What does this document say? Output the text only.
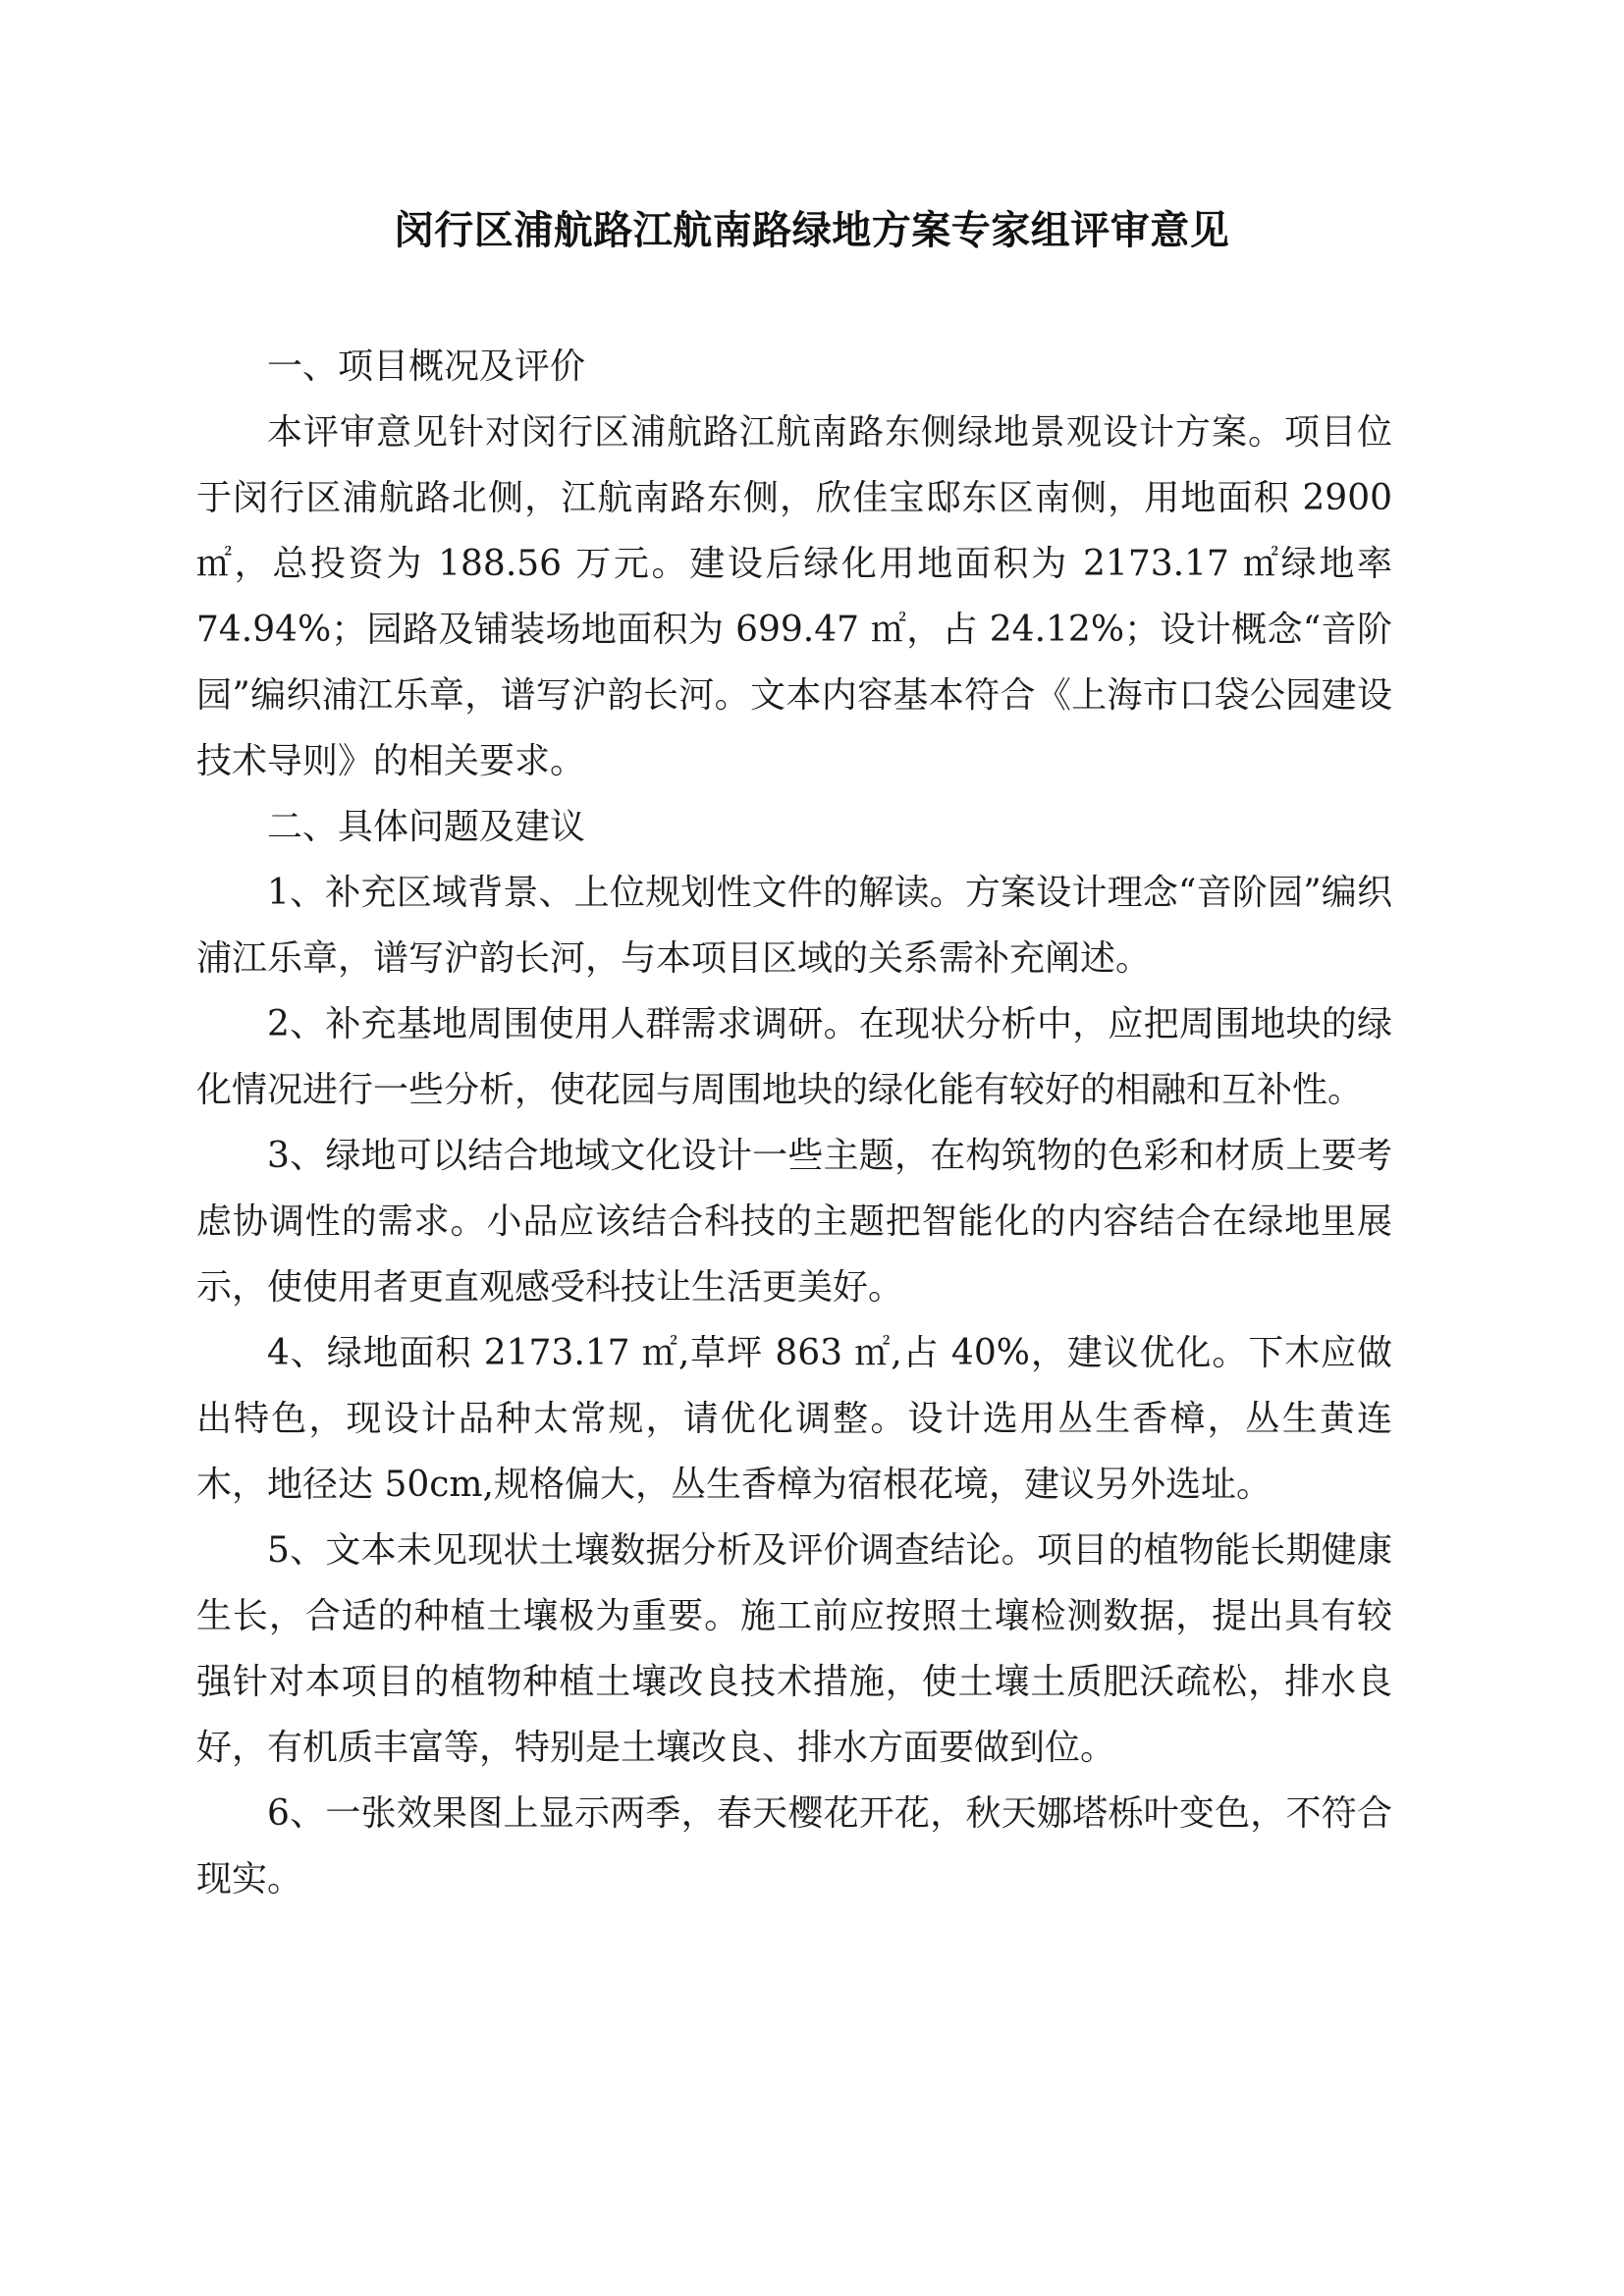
闵行区浦航路江航南路绿地方案专家组评审意见

一、项目概况及评价

本评审意见针对闵行区浦航路江航南路东侧绿地景观设计方案。项目位于闵行区浦航路北侧，江航南路东侧，欣佳宝邸东区南侧，用地面积 2900 ㎡，总投资为 188.56 万元。建设后绿化用地面积为 2173.17 ㎡绿地率 74.94%；园路及铺装场地面积为 699.47 ㎡，占 24.12%；设计概念“音阶园”编织浦江乐章，谱写沪韵长河。文本内容基本符合《上海市口袋公园建设技术导则》的相关要求。

二、具体问题及建议

1、补充区域背景、上位规划性文件的解读。方案设计理念“音阶园”编织浦江乐章，谱写沪韵长河，与本项目区域的关系需补充阐述。

2、补充基地周围使用人群需求调研。在现状分析中，应把周围地块的绿化情况进行一些分析，使花园与周围地块的绿化能有较好的相融和互补性。

3、绿地可以结合地域文化设计一些主题，在构筑物的色彩和材质上要考虑协调性的需求。小品应该结合科技的主题把智能化的内容结合在绿地里展示，使使用者更直观感受科技让生活更美好。

4、绿地面积 2173.17 ㎡,草坪 863 ㎡,占 40%，建议优化。下木应做出特色，现设计品种太常规，请优化调整。设计选用丛生香樟，丛生黄连木，地径达 50cm,规格偏大，丛生香樟为宿根花境，建议另外选址。

5、文本未见现状土壤数据分析及评价调查结论。项目的植物能长期健康生长，合适的种植土壤极为重要。施工前应按照土壤检测数据，提出具有较强针对本项目的植物种植土壤改良技术措施，使土壤土质肥沃疏松，排水良好，有机质丰富等，特别是土壤改良、排水方面要做到位。

6、一张效果图上显示两季，春天樱花开花，秋天娜塔栎叶变色，不符合现实。
